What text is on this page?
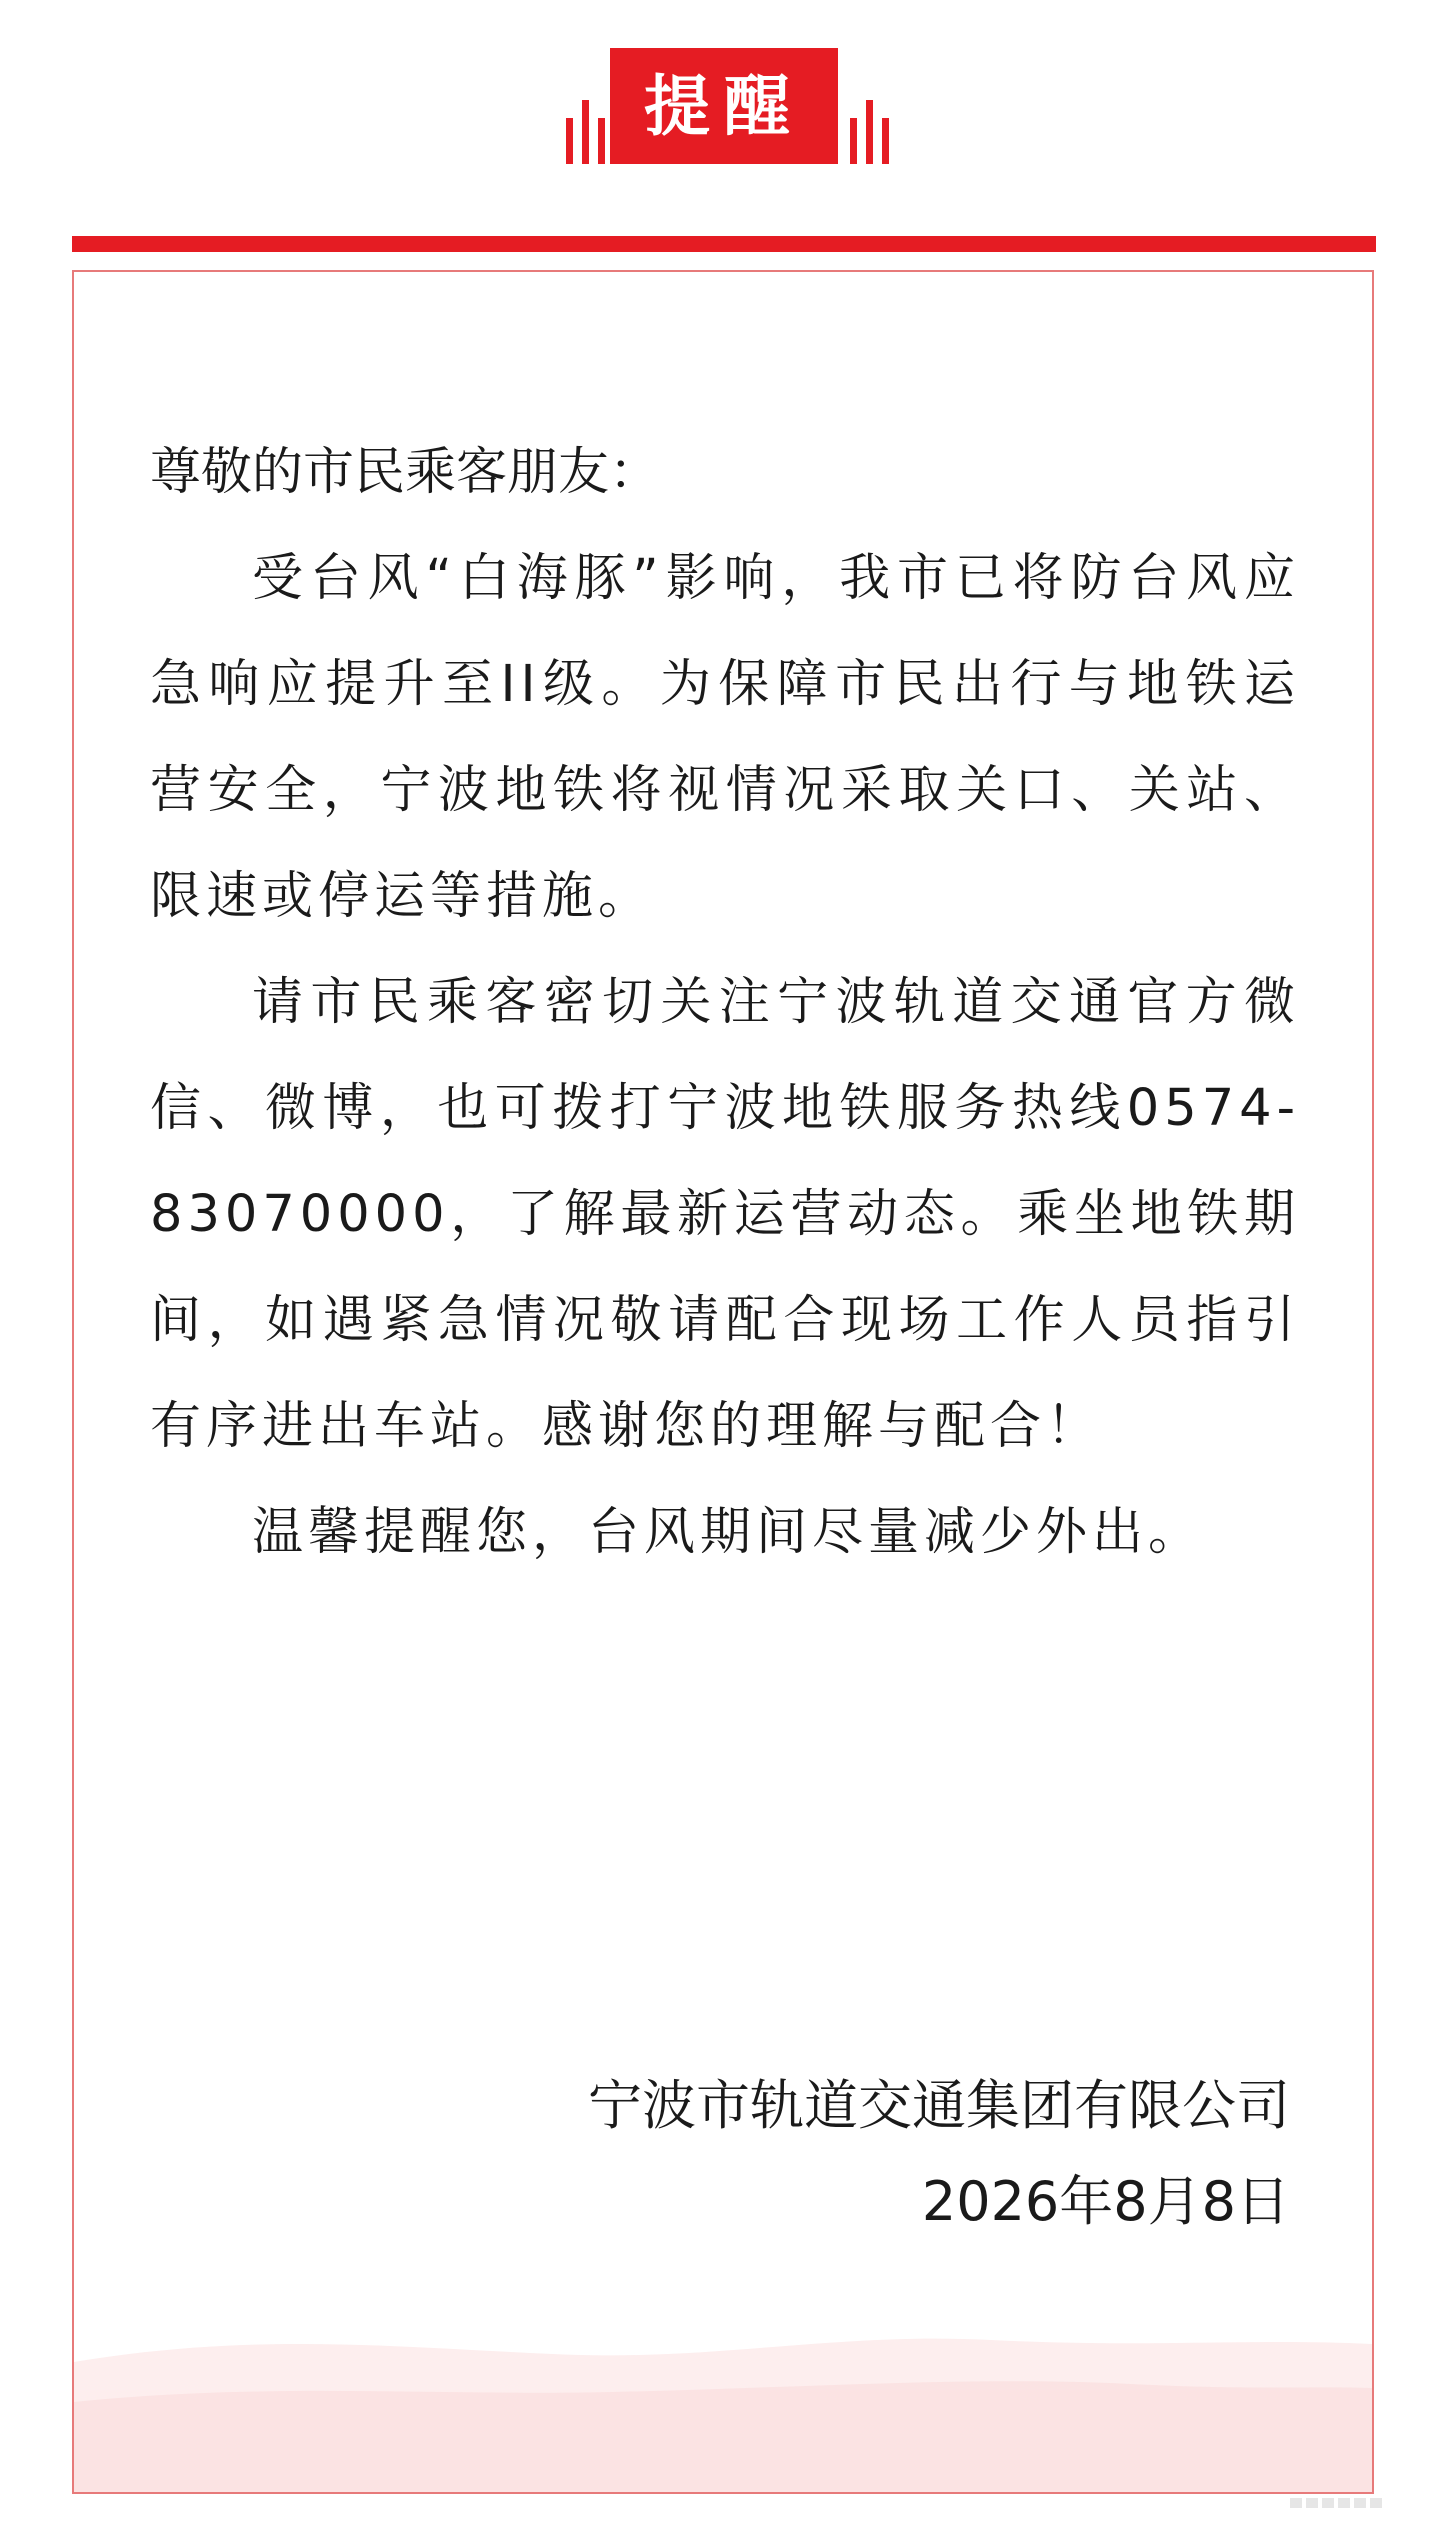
提醒

尊敬的市民乘客朋友：

受台风“白海豚”影响，我市已将防台风应急响应提升至II级。为保障市民出行与地铁运营安全，宁波地铁将视情况采取关口、关站、限速或停运等措施。

请市民乘客密切关注宁波轨道交通官方微信、微博，也可拨打宁波地铁服务热线0574-83070000，了解最新运营动态。乘坐地铁期间，如遇紧急情况敬请配合现场工作人员指引有序进出车站。感谢您的理解与配合！

温馨提醒您，台风期间尽量减少外出。

宁波市轨道交通集团有限公司
2026年8月8日
